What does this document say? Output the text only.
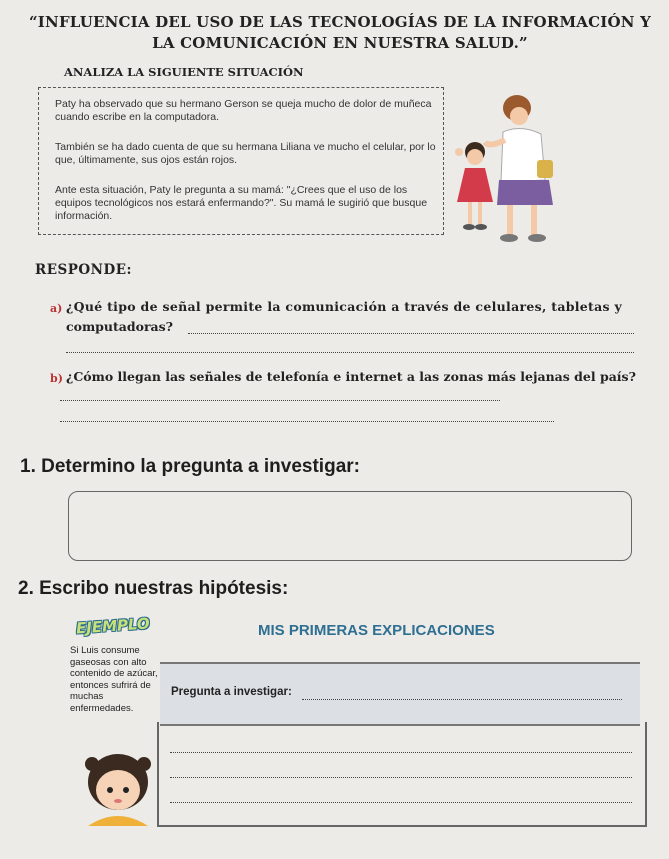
“INFLUENCIA DEL USO DE LAS TECNOLOGÍAS DE LA INFORMACIÓN Y
LA COMUNICACIÓN EN NUESTRA SALUD.”
ANALIZA LA SIGUIENTE SITUACIÓN
Paty ha observado que su hermano Gerson se queja mucho de dolor de muñeca cuando escribe en la computadora.
También se ha dado cuenta de que su hermana Liliana ve mucho el celular, por lo que, últimamente, sus ojos están rojos.
Ante esta situación, Paty le pregunta a su mamá: "¿Crees que el uso de los equipos tecnológicos nos estará enfermando?". Su mamá le sugirió que busque información.
RESPONDE:
a) ¿Qué tipo de señal permite la comunicación a través de celulares, tabletas y
computadoras?
b) ¿Cómo llegan las señales de telefonía e internet a las zonas más lejanas del país?
1. Determino la pregunta a investigar:
2. Escribo nuestras hipótesis:
EJEMPLO	MIS PRIMERAS EXPLICACIONES
Si Luis consume gaseosas con alto contenido de azúcar, entonces sufrirá de muchas enfermedades.
Pregunta a investigar:
